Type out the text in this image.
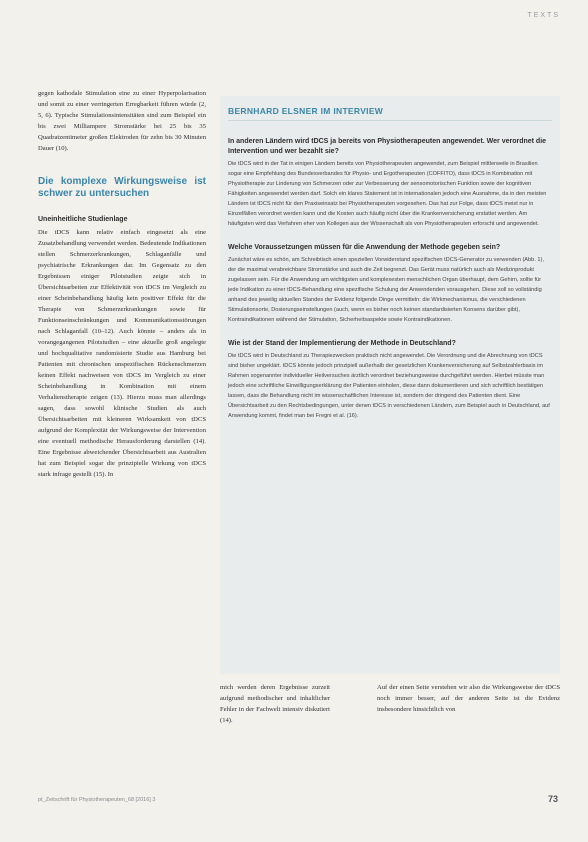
TEXTS

gegen kathodale Stimulation eine zu einer Hyperpolarisation und somit zu einer verringerten Erregbarkeit führen würde (2, 5, 6). Typische Stimulationsintensitäten sind zum Beispiel ein bis zwei Milliampere Stromstärke bei 25 bis 35 Quadratzentimeter großen Elektroden für zehn bis 30 Minuten Dauer (10).

Die komplexe Wirkungsweise ist schwer zu untersuchen
Uneinheitliche Studienlage

Die tDCS kann relativ einfach eingesetzt als eine Zusatzbehandlung verwendet werden. Bedeutende Indikationen stellen Schmerzerkrankungen, Schlaganfälle und psychiatrische Erkrankungen dar. Im Gegensatz zu den Ergebnissen einiger Pilotstudien zeigte sich in Übersichtsarbeiten zur Effektivität von tDCS im Vergleich zu einer Scheinbehandlung häufig kein positiver Effekt für die Therapie von Schmerzerkrankungen sowie für Funktionseinschränkungen und Kommunikationsstörungen nach Schlaganfall (10–12). Auch könnte – anders als in vorangegangenen Pilotstudien – eine aktuelle groß angelegte und hochqualitative randomisierte Studie aus Hamburg bei Patienten mit chronischen unspezifischen Rückenschmerzen keinen Effekt nachweisen von tDCS im Vergleich zu einer Scheinbehandlung in Kombination mit einem Verhaltenstherapie zeigen (13). Hierzu muss man allerdings sagen, dass sowohl klinische Studien als auch Übersichtsarbeiten mit kleineren Wirksamkeit von tDCS aufgrund der Komplexität der Wirkungsweise der Intervention eine eventuell methodische Herausforderung darstellen (14). Eine Ergebnisse abweichender Übersichtsarbeit aus Australien hat zum Beispiel sogar die prinzipielle Wirkung von tDCS stark infrage gestellt (15). In

BERNHARD ELSNER IM INTERVIEW
In anderen Ländern wird tDCS ja bereits von Physiotherapeuten angewendet. Wer verordnet die Intervention und wer bezahlt sie?
Die tDCS wird in der Tat in einigen Ländern bereits von Physiotherapeuten angewendet, zum Beispiel mittlerweile in Brasilien sogar eine Empfehlung des Bundesverbandes für Physio- und Ergotherapeuten (COFFITO), dass tDCS in Kombination mit Physiotherapie zur Linderung von Schmerzen oder zur Verbesserung der sensomotorischen Funktion sowie der kognitiven Fähigkeiten angewendet werden darf. Solch ein klares Statement ist in internationalen jedoch eine Ausnahme, da in den meisten Ländern ist tDCS nicht für den Praxiseinsatz bei Physiotherapeuten vorgesehen. Das hat zur Folge, dass tDCS meist nur in Einzelfällen verordnet werden kann und die Kosten auch häufig nicht über die Krankenversicherung erstattet werden. Am häufigsten wird das Verfahren eher von Kollegen aus der Wissenschaft als von Physiotherapeuten erforscht und angewendet.
Welche Voraussetzungen müssen für die Anwendung der Methode gegeben sein?
Zunächst wäre es schön, am Schreibtisch einen speziellen Vorwiderstand spezifischen tDCS-Generator zu verwenden (Abb. 1), der die maximal verabreichbare Stromstärke und auch die Zeit begrenzt. Das Gerät muss natürlich auch als Medizinprodukt zugelassen sein. Für die Anwendung am wichtigsten und komplexesten menschlichen Organ überhaupt, dem Gehirn, sollte für jede Indikation zu einer tDCS-Behandlung eine spezifische Schulung der Anwendenden vorausgehen. Diese soll so vollständig anhand des jeweilig aktuellen Standes der Evidenz folgende Dinge vermitteln: die Wirkmechanismus, die verschiedenen Stimulationsorte, Dosierungseinstellungen (auch, wenn es bisher noch keinen standardisierten Konsens darüber gibt), Kontraindikationen während der Stimulation, Sicherheitsaspekte sowie Kontraindikationen.
Wie ist der Stand der Implementierung der Methode in Deutschland?
Die tDCS wird in Deutschland zu Therapiezwecken praktisch nicht angewendet. Die Verordnung und die Abrechnung von tDCS sind bisher ungeklärt. tDCS könnte jedoch prinzipiell außerhalb der gesetzlichen Krankenversicherung auf Selbstzahlerbasis im Rahmen sogenannter individueller Heilversuches ärztlich verordnet beziehungsweise durchgeführt werden. Hierbei müsste man jedoch eine schriftliche Einwilligungserklärung der Patienten einholen, diese dann dokumentieren und sich schriftlich bestätigen lassen, dass die Behandlung nicht im wissenschaftlichen Interesse ist, sondern der dringend des Patienten dient. Eine Übersichtsarbeit zu den Rechtsbedingungen, unter denen tDCS in verschiedenen Ländern, zum Beispiel auch in Deutschland, auf Anwendung kommt, findet man bei Fregni et al. (16).
mich werden deren Ergebnisse zurzeit aufgrund methodischer und inhaltlicher Fehler in der Fachwelt intensiv diskutiert (14).
Auf der einen Seite verstehen wir also die Wirkungsweise der tDCS noch immer besser, auf der anderen Seite ist die Evidenz insbesondere hinsichtlich von
pt_Zeitschrift für Physiotherapeuten_68 [2016] 3	73
